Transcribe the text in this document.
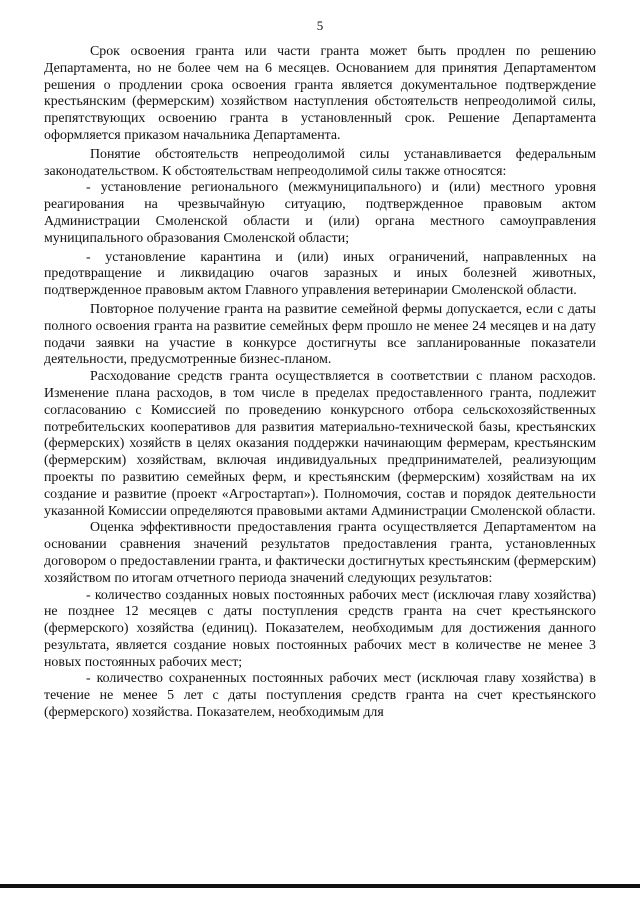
5

Срок освоения гранта или части гранта может быть продлен по решению Департамента, но не более чем на 6 месяцев. Основанием для принятия Департаментом решения о продлении срока освоения гранта является документальное подтверждение крестьянским (фермерским) хозяйством наступления обстоятельств непреодолимой силы, препятствующих освоению гранта в установленный срок. Решение Департамента оформляется приказом начальника Департамента.

Понятие обстоятельств непреодолимой силы устанавливается федеральным законодательством. К обстоятельствам непреодолимой силы также относятся:

- установление регионального (межмуниципального) и (или) местного уровня реагирования на чрезвычайную ситуацию, подтвержденное правовым актом Администрации Смоленской области и (или) органа местного самоуправления муниципального образования Смоленской области;

- установление карантина и (или) иных ограничений, направленных на предотвращение и ликвидацию очагов заразных и иных болезней животных, подтвержденное правовым актом Главного управления ветеринарии Смоленской области.

Повторное получение гранта на развитие семейной фермы допускается, если с даты полного освоения гранта на развитие семейных ферм прошло не менее 24 месяцев и на дату подачи заявки на участие в конкурсе достигнуты все запланированные показатели деятельности, предусмотренные бизнес-планом.

Расходование средств гранта осуществляется в соответствии с планом расходов. Изменение плана расходов, в том числе в пределах предоставленного гранта, подлежит согласованию с Комиссией по проведению конкурсного отбора сельскохозяйственных потребительских кооперативов для развития материально-технической базы, крестьянских (фермерских) хозяйств в целях оказания поддержки начинающим фермерам, крестьянским (фермерским) хозяйствам, включая индивидуальных предпринимателей, реализующим проекты по развитию семейных ферм, и крестьянским (фермерским) хозяйствам на их создание и развитие (проект «Агростартап»). Полномочия, состав и порядок деятельности указанной Комиссии определяются правовыми актами Администрации Смоленской области.

Оценка эффективности предоставления гранта осуществляется Департаментом на основании сравнения значений результатов предоставления гранта, установленных договором о предоставлении гранта, и фактически достигнутых крестьянским (фермерским) хозяйством по итогам отчетного периода значений следующих результатов:

- количество созданных новых постоянных рабочих мест (исключая главу хозяйства) не позднее 12 месяцев с даты поступления средств гранта на счет крестьянского (фермерского) хозяйства (единиц). Показателем, необходимым для достижения данного результата, является создание новых постоянных рабочих мест в количестве не менее 3 новых постоянных рабочих мест;

- количество сохраненных постоянных рабочих мест (исключая главу хозяйства) в течение не менее 5 лет с даты поступления средств гранта на счет крестьянского (фермерского) хозяйства. Показателем, необходимым для
